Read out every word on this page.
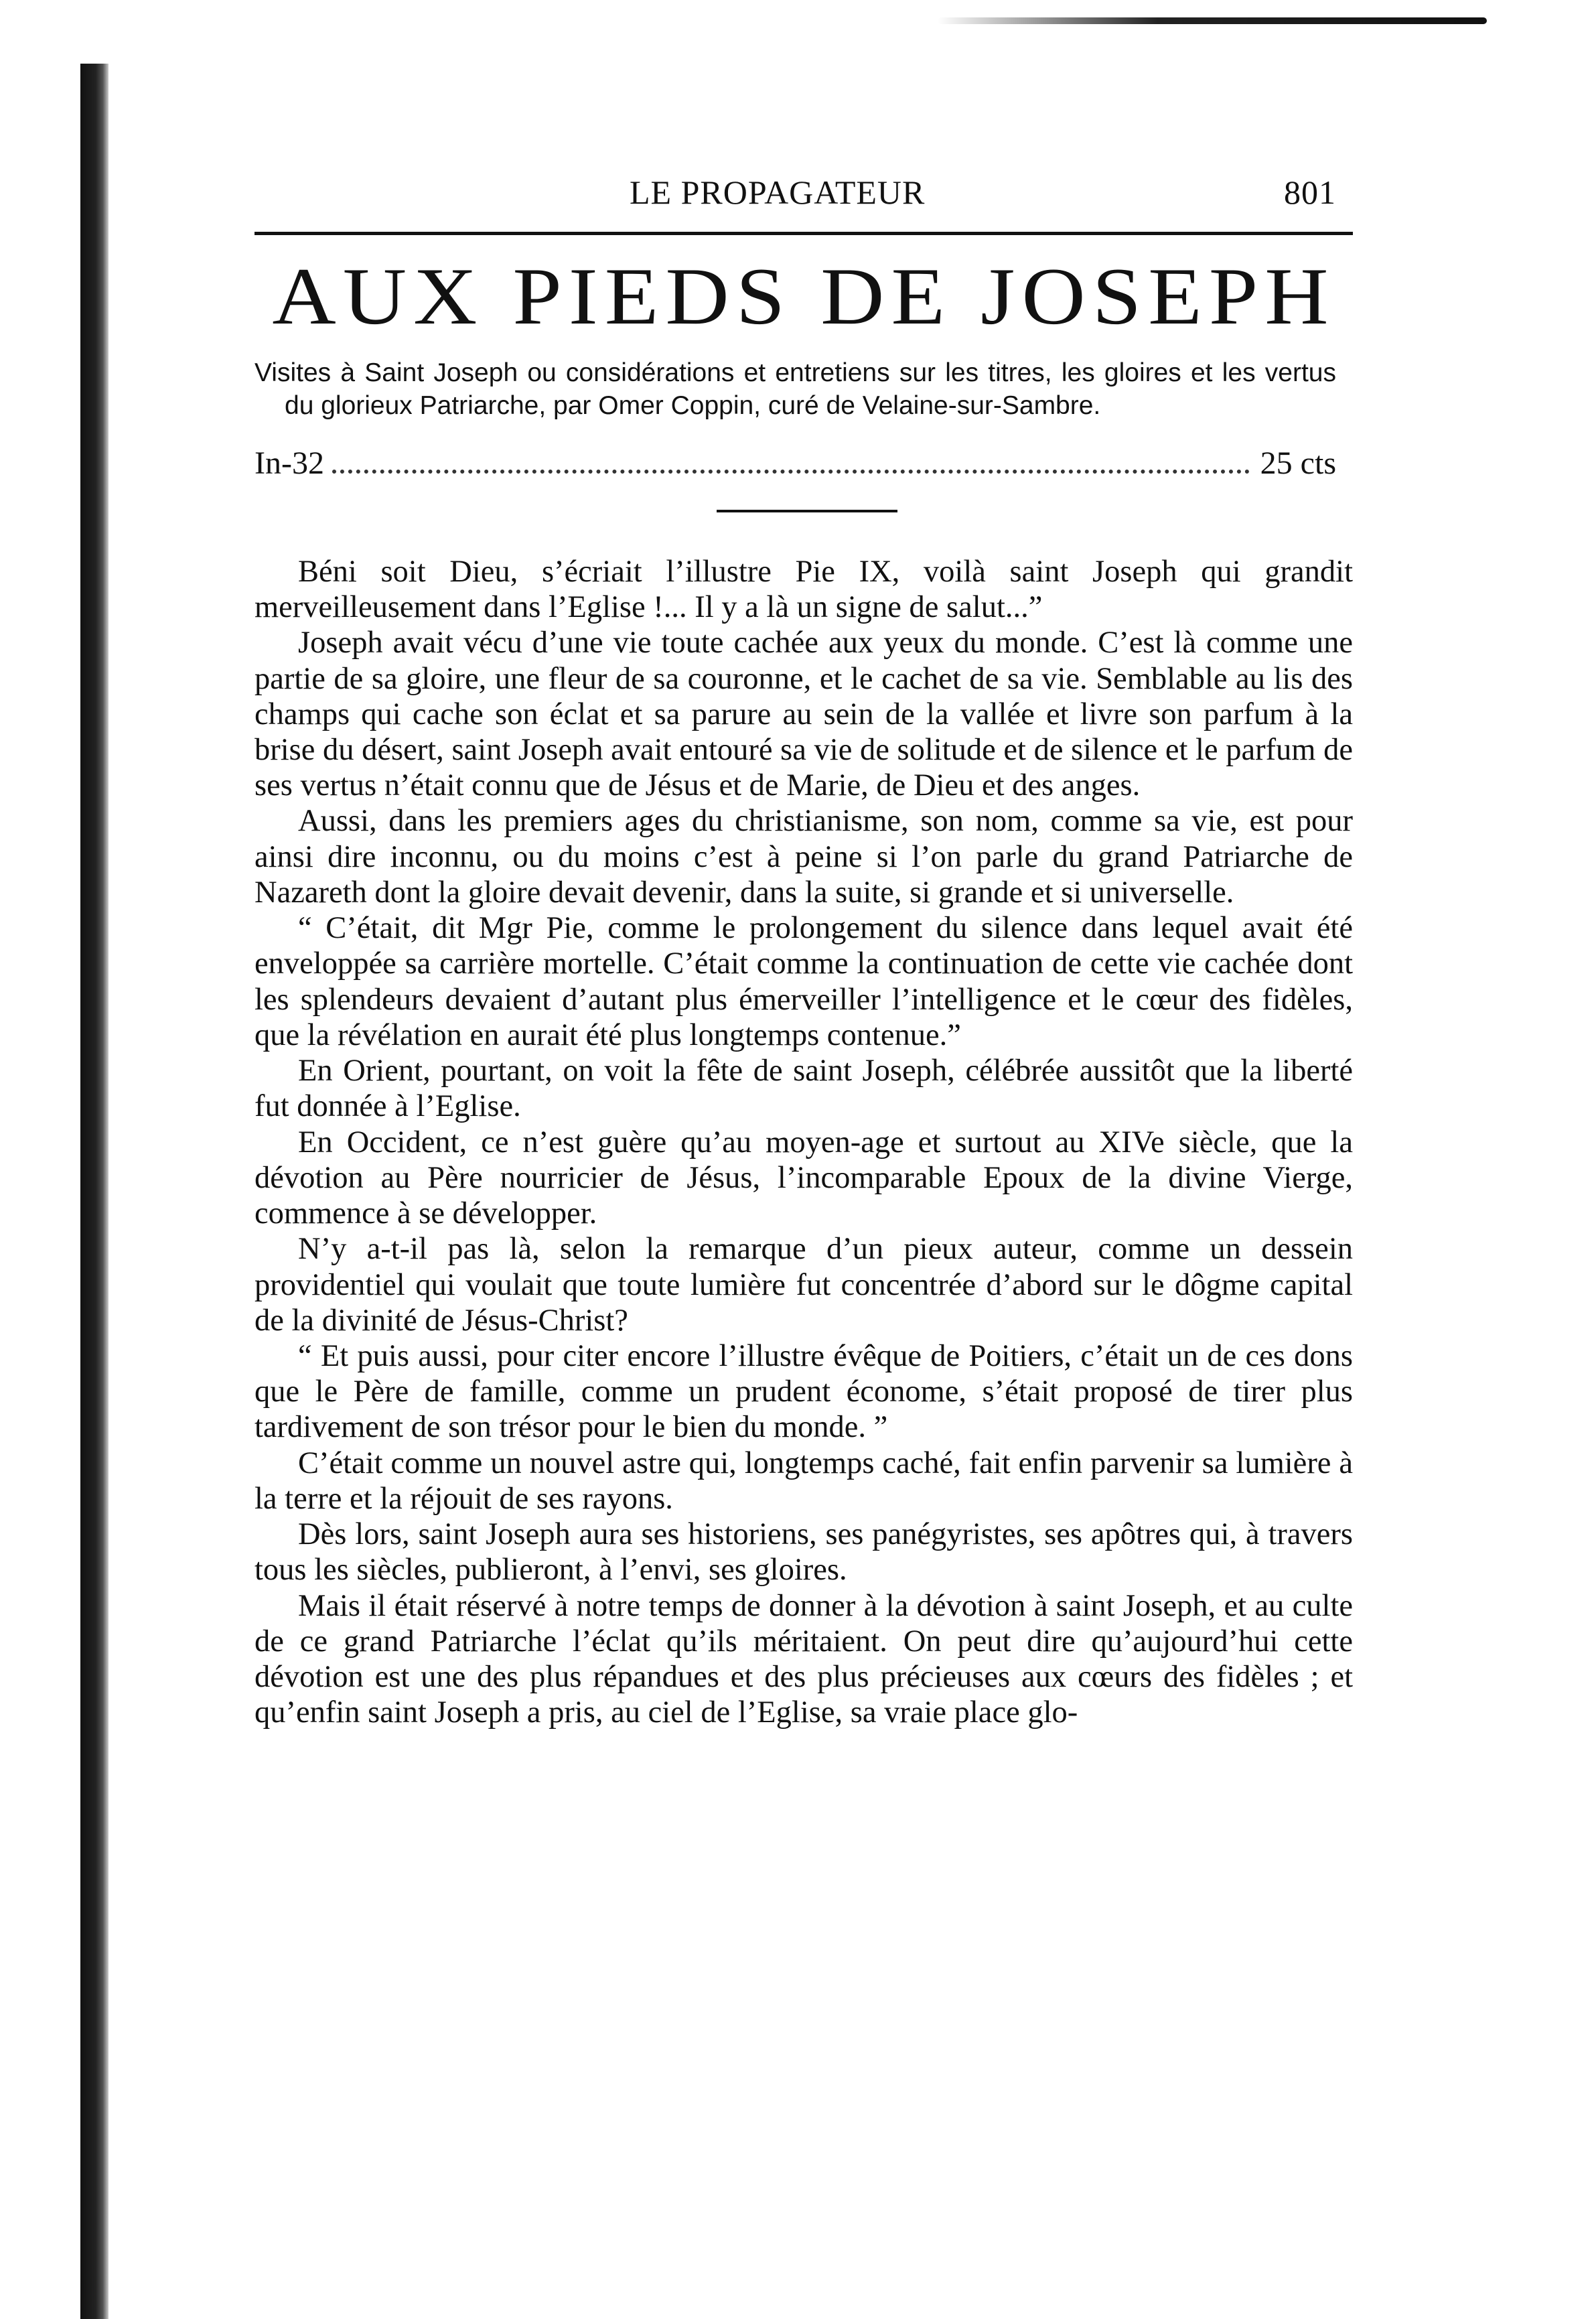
LE PROPAGATEUR	801
AUX PIEDS DE JOSEPH
Visites à Saint Joseph ou considérations et entretiens sur les titres, les gloires et les vertus du glorieux Patriarche, par Omer Coppin, curé de Velaine-sur-Sambre.
In-32	25 cts

Béni soit Dieu, s’écriait l’illustre Pie IX, voilà saint Joseph qui grandit merveilleusement dans l’Eglise !... Il y a là un signe de salut...”

Joseph avait vécu d’une vie toute cachée aux yeux du monde. C’est là comme une partie de sa gloire, une fleur de sa couronne, et le cachet de sa vie. Semblable au lis des champs qui cache son éclat et sa parure au sein de la vallée et livre son parfum à la brise du désert, saint Joseph avait entouré sa vie de solitude et de silence et le parfum de ses vertus n’était connu que de Jésus et de Marie, de Dieu et des anges.

Aussi, dans les premiers ages du christianisme, son nom, comme sa vie, est pour ainsi dire inconnu, ou du moins c’est à peine si l’on parle du grand Patriarche de Nazareth dont la gloire devait devenir, dans la suite, si grande et si universelle.

“ C’était, dit Mgr Pie, comme le prolongement du silence dans lequel avait été enveloppée sa carrière mortelle. C’était comme la continuation de cette vie cachée dont les splendeurs devaient d’autant plus émerveiller l’intelligence et le cœur des fidèles, que la révélation en aurait été plus longtemps contenue.”

En Orient, pourtant, on voit la fête de saint Joseph, célébrée aussitôt que la liberté fut donnée à l’Eglise.

En Occident, ce n’est guère qu’au moyen-age et surtout au XIVe siècle, que la dévotion au Père nourricier de Jésus, l’incomparable Epoux de la divine Vierge, commence à se développer.

N’y a-t-il pas là, selon la remarque d’un pieux auteur, comme un dessein providentiel qui voulait que toute lumière fut concentrée d’abord sur le dôgme capital de la divinité de Jésus-Christ?

“ Et puis aussi, pour citer encore l’illustre évêque de Poitiers, c’était un de ces dons que le Père de famille, comme un prudent économe, s’était proposé de tirer plus tardivement de son trésor pour le bien du monde. ”

C’était comme un nouvel astre qui, longtemps caché, fait enfin parvenir sa lumière à la terre et la réjouit de ses rayons.

Dès lors, saint Joseph aura ses historiens, ses panégyristes, ses apôtres qui, à travers tous les siècles, publieront, à l’envi, ses gloires.

Mais il était réservé à notre temps de donner à la dévotion à saint Joseph, et au culte de ce grand Patriarche l’éclat qu’ils méritaient. On peut dire qu’aujourd’hui cette dévotion est une des plus répandues et des plus précieuses aux cœurs des fidèles ; et qu’enfin saint Joseph a pris, au ciel de l’Eglise, sa vraie place glo-
